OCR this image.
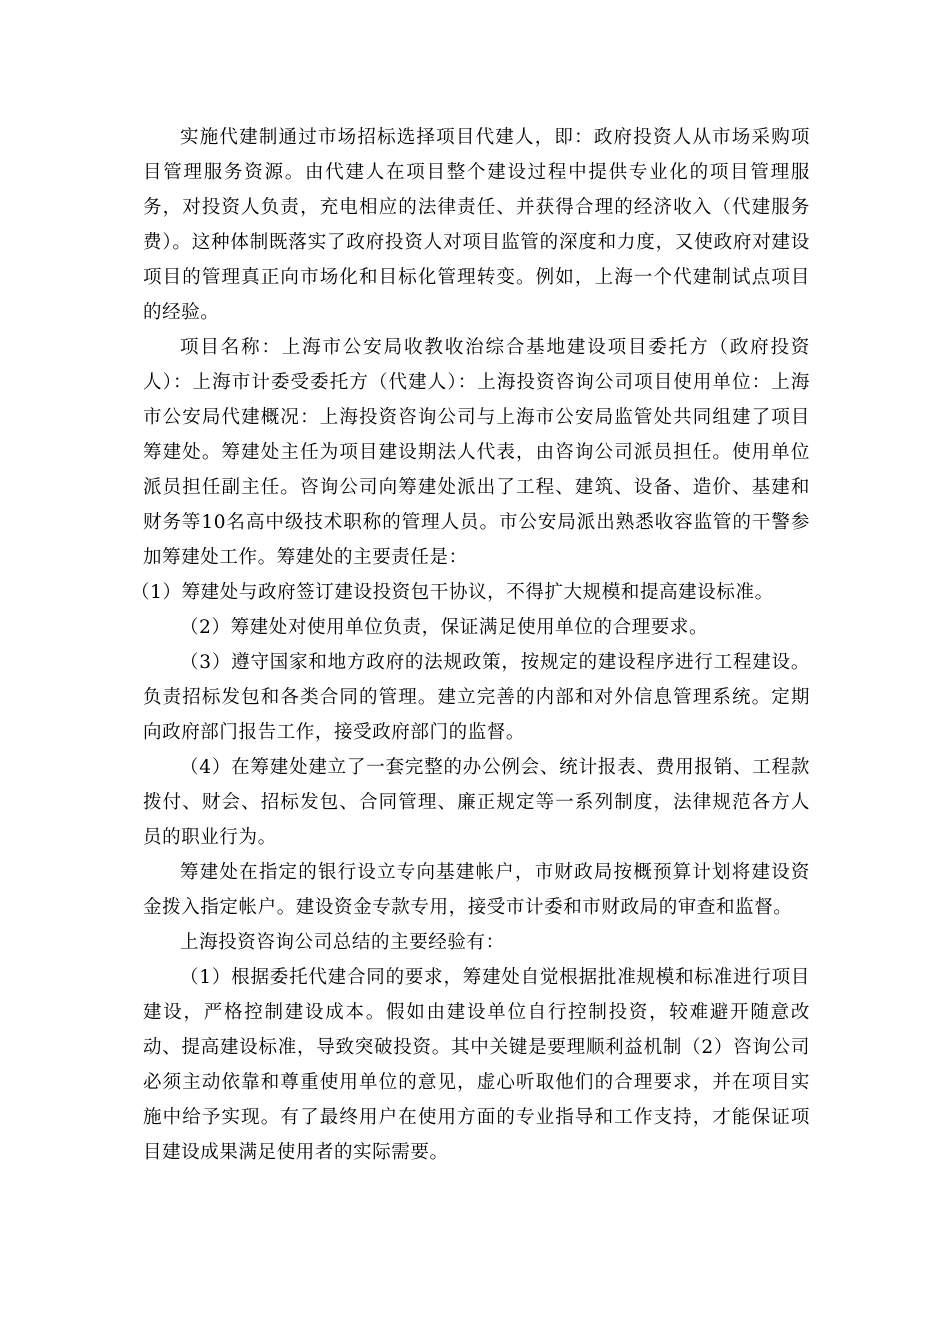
实施代建制通过市场招标选择项目代建人，即：政府投资人从市场采购项目管理服务资源。由代建人在项目整个建设过程中提供专业化的项目管理服务，对投资人负责，充电相应的法律责任、并获得合理的经济收入（代建服务费）。这种体制既落实了政府投资人对项目监管的深度和力度，又使政府对建设项目的管理真正向市场化和目标化管理转变。例如，上海一个代建制试点项目的经验。

项目名称：上海市公安局收教收治综合基地建设项目委托方（政府投资人）：上海市计委受委托方（代建人）：上海投资咨询公司项目使用单位：上海市公安局代建概况：上海投资咨询公司与上海市公安局监管处共同组建了项目筹建处。筹建处主任为项目建设期法人代表，由咨询公司派员担任。使用单位派员担任副主任。咨询公司向筹建处派出了工程、建筑、设备、造价、基建和财务等10名高中级技术职称的管理人员。市公安局派出熟悉收容监管的干警参加筹建处工作。筹建处的主要责任是：

（1）筹建处与政府签订建设投资包干协议，不得扩大规模和提高建设标准。

（2）筹建处对使用单位负责，保证满足使用单位的合理要求。

（3）遵守国家和地方政府的法规政策，按规定的建设程序进行工程建设。负责招标发包和各类合同的管理。建立完善的内部和对外信息管理系统。定期向政府部门报告工作，接受政府部门的监督。

（4）在筹建处建立了一套完整的办公例会、统计报表、费用报销、工程款拨付、财会、招标发包、合同管理、廉正规定等一系列制度，法律规范各方人员的职业行为。

筹建处在指定的银行设立专向基建帐户，市财政局按概预算计划将建设资金拨入指定帐户。建设资金专款专用，接受市计委和市财政局的审查和监督。

上海投资咨询公司总结的主要经验有：

（1）根据委托代建合同的要求，筹建处自觉根据批准规模和标准进行项目建设，严格控制建设成本。假如由建设单位自行控制投资，较难避开随意改动、提高建设标准，导致突破投资。其中关键是要理顺利益机制（2）咨询公司必须主动依靠和尊重使用单位的意见，虚心听取他们的合理要求，并在项目实施中给予实现。有了最终用户在使用方面的专业指导和工作支持，才能保证项目建设成果满足使用者的实际需要。
